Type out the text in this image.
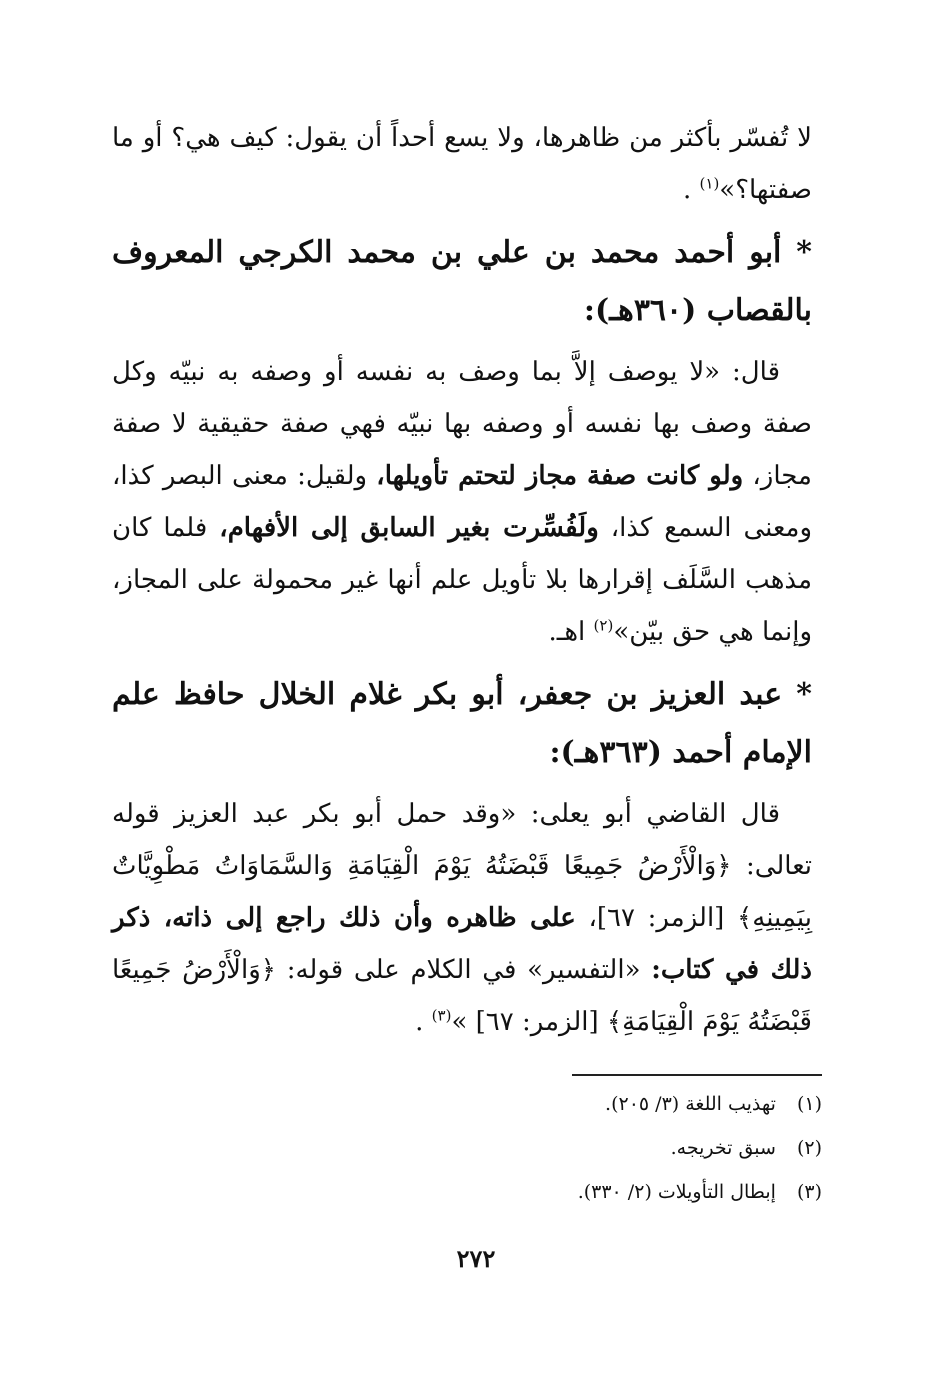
لا تُفسّر بأكثر من ظاهرها، ولا يسع أحداً أن يقول: كيف هي؟ أو ما صفتها؟»$^{(١)}$ .

* أبو أحمد محمد بن علي بن محمد الكرجي المعروف بالقصاب (٣٦٠هـ):

قال: «لا يوصف إلاَّ بما وصف به نفسه أو وصفه به نبيّه وكل صفة وصف بها نفسه أو وصفه بها نبيّه فهي صفة حقيقية لا صفة مجاز، ولو كانت صفة مجاز لتحتم تأويلها، ولقيل: معنى البصر كذا، ومعنى السمع كذا، ولَفُسِّرت بغير السابق إلى الأفهام، فلما كان مذهب السَّلَف إقرارها بلا تأويل علم أنها غير محمولة على المجاز، وإنما هي حق بيّن»$^{(٢)}$ اهـ.

* عبد العزيز بن جعفر، أبو بكر غلام الخلال حافظ علم الإمام أحمد (٣٦٣هـ):

قال القاضي أبو يعلى: «وقد حمل أبو بكر عبد العزيز قوله تعالى: ﴿وَالْأَرْضُ جَمِيعًا قَبْضَتُهُ يَوْمَ الْقِيَامَةِ وَالسَّمَاوَاتُ مَطْوِيَّاتٌ بِيَمِينِهِ﴾ [الزمر: ٦٧]، على ظاهره وأن ذلك راجع إلى ذاته، ذكر ذلك في كتاب: «التفسير» في الكلام على قوله: ﴿وَالْأَرْضُ جَمِيعًا قَبْضَتُهُ يَوْمَ الْقِيَامَةِ﴾ [الزمر: ٦٧] »$^{(٣)}$ .

(١) تهذيب اللغة (٣/ ٢٠٥).
(٢) سبق تخريجه.
(٣) إبطال التأويلات (٢/ ٣٣٠).
٢٧٢
